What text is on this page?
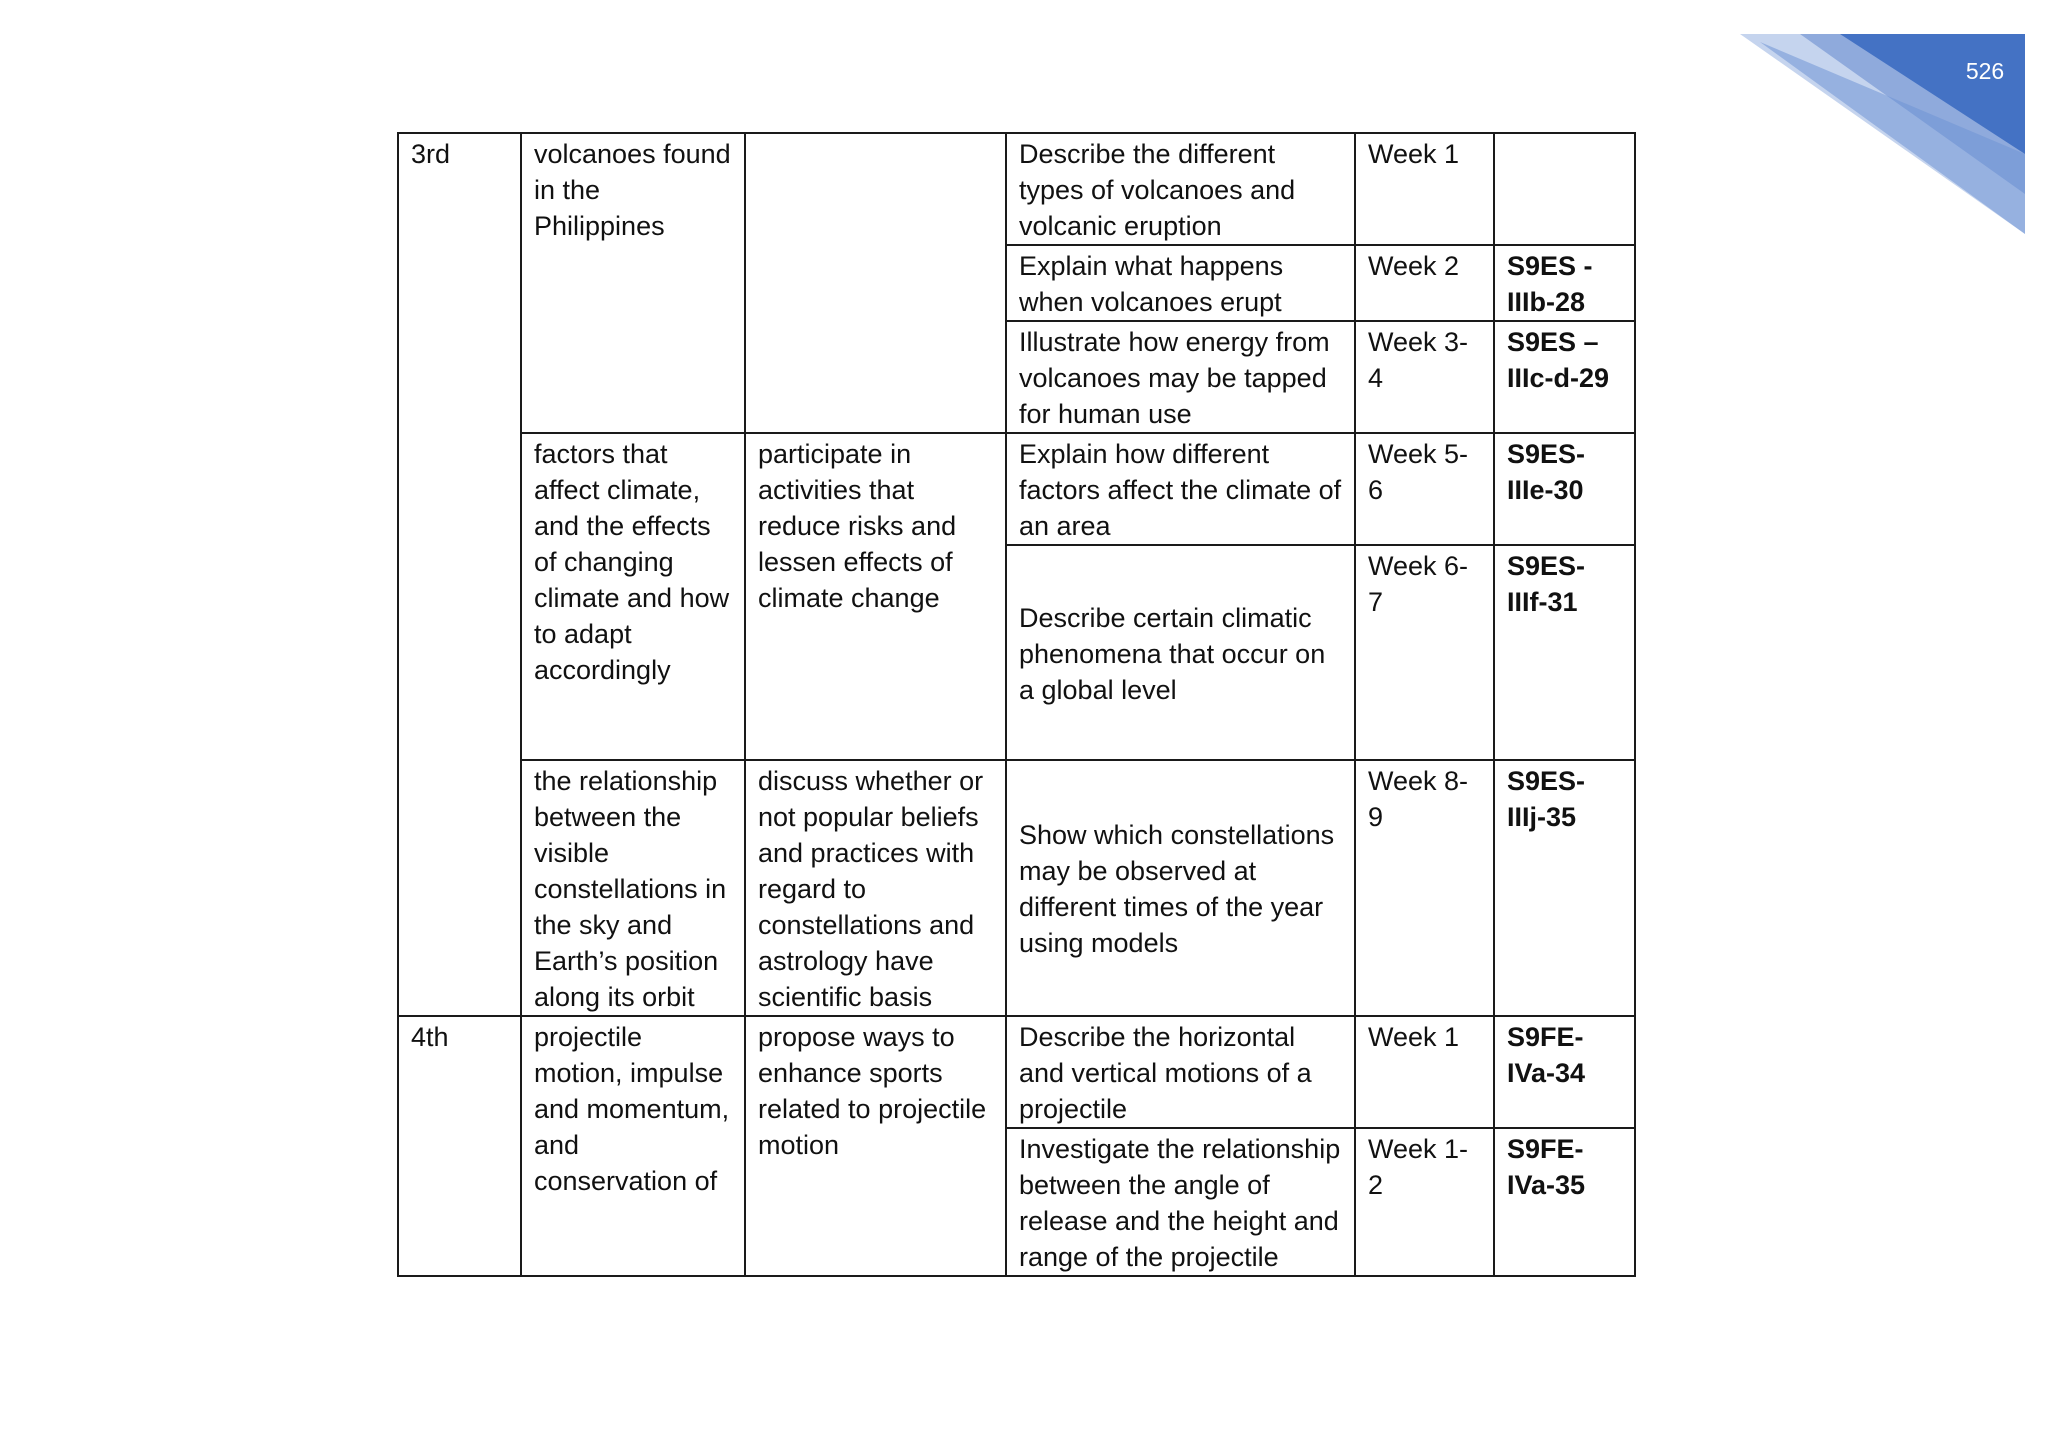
526
3rd	volcanoes found in the Philippines		Describe the different types of volcanoes and volcanic eruption	Week 1	
			Explain what happens when volcanoes erupt	Week 2	S9ES - IIIb-28
			Illustrate how energy from volcanoes may be tapped for human use	Week 3-4	S9ES – IIIc-d-29
	factors that affect climate, and the effects of changing climate and how to adapt accordingly	participate in activities that reduce risks and lessen effects of climate change	Explain how different factors affect the climate of an area	Week 5-6	S9ES-IIIe-30
			Describe certain climatic phenomena that occur on a global level	Week 6-7	S9ES-IIIf-31
	the relationship between the visible constellations in the sky and Earth’s position along its orbit	discuss whether or not popular beliefs and practices with regard to constellations and astrology have scientific basis	Show which constellations may be observed at different times of the year using models	Week 8-9	S9ES-IIIj-35
4th	projectile motion, impulse and momentum, and conservation of	propose ways to enhance sports related to projectile motion	Describe the horizontal and vertical motions of a projectile	Week 1	S9FE-IVa-34
			Investigate the relationship between the angle of release and the height and range of the projectile	Week 1-2	S9FE-IVa-35
